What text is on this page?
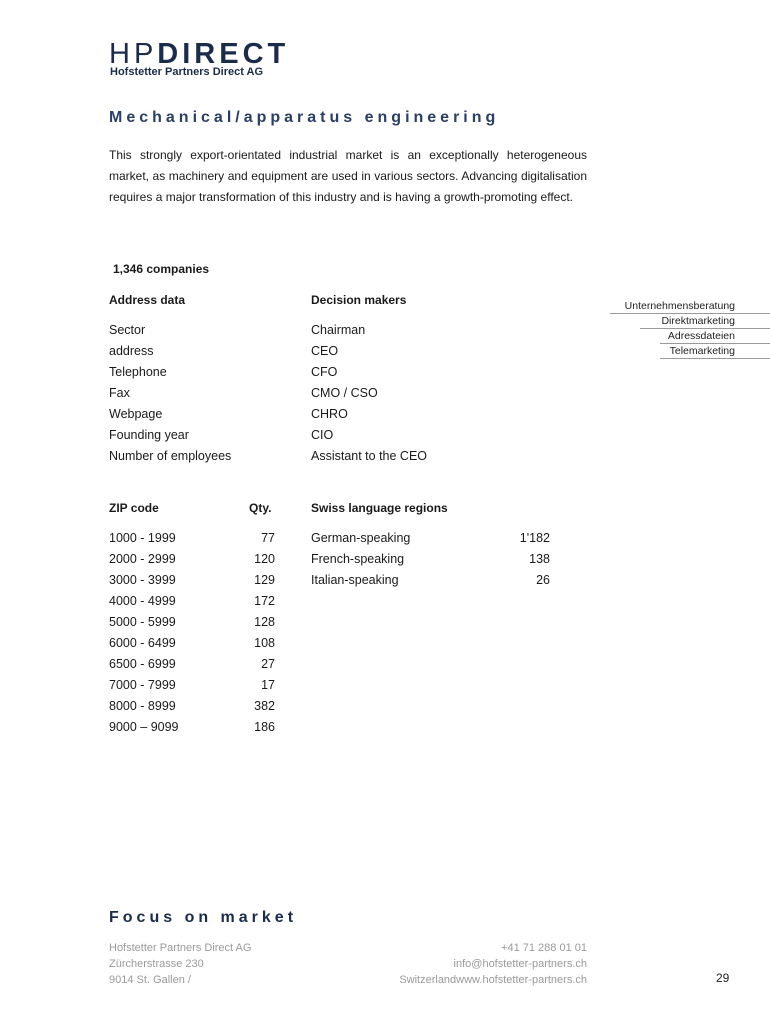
HPDIRECT
Hofstetter Partners Direct AG
Mechanical/apparatus engineering
This strongly export-orientated industrial market is an exceptionally heterogeneous market, as machinery and equipment are used in various sectors. Advancing digitalisation requires a major transformation of this industry and is having a growth-promoting effect.
1,346 companies
Address data
Sector
address
Telephone
Fax
Webpage
Founding year
Number of employees
Decision makers
Chairman
CEO
CFO
CMO / CSO
CHRO
CIO
Assistant to the CEO
Unternehmensberatung
Direktmarketing
Adressdateien
Telemarketing
ZIP code	Qty.
1000 - 1999	77
2000 - 2999	120
3000 - 3999	129
4000 - 4999	172
5000 - 5999	128
6000 - 6499	108
6500 - 6999	27
7000 - 7999	17
8000 - 8999	382
9000 – 9099	186
Swiss language regions
German-speaking	1'182
French-speaking	138
Italian-speaking	26
Focus on market
Hofstetter Partners Direct AG
Zürcherstrasse 230
9014 St. Gallen /
+41 71 288 01 01
info@hofstetter-partners.ch
Switzerlandwww.hofstetter-partners.ch	29
